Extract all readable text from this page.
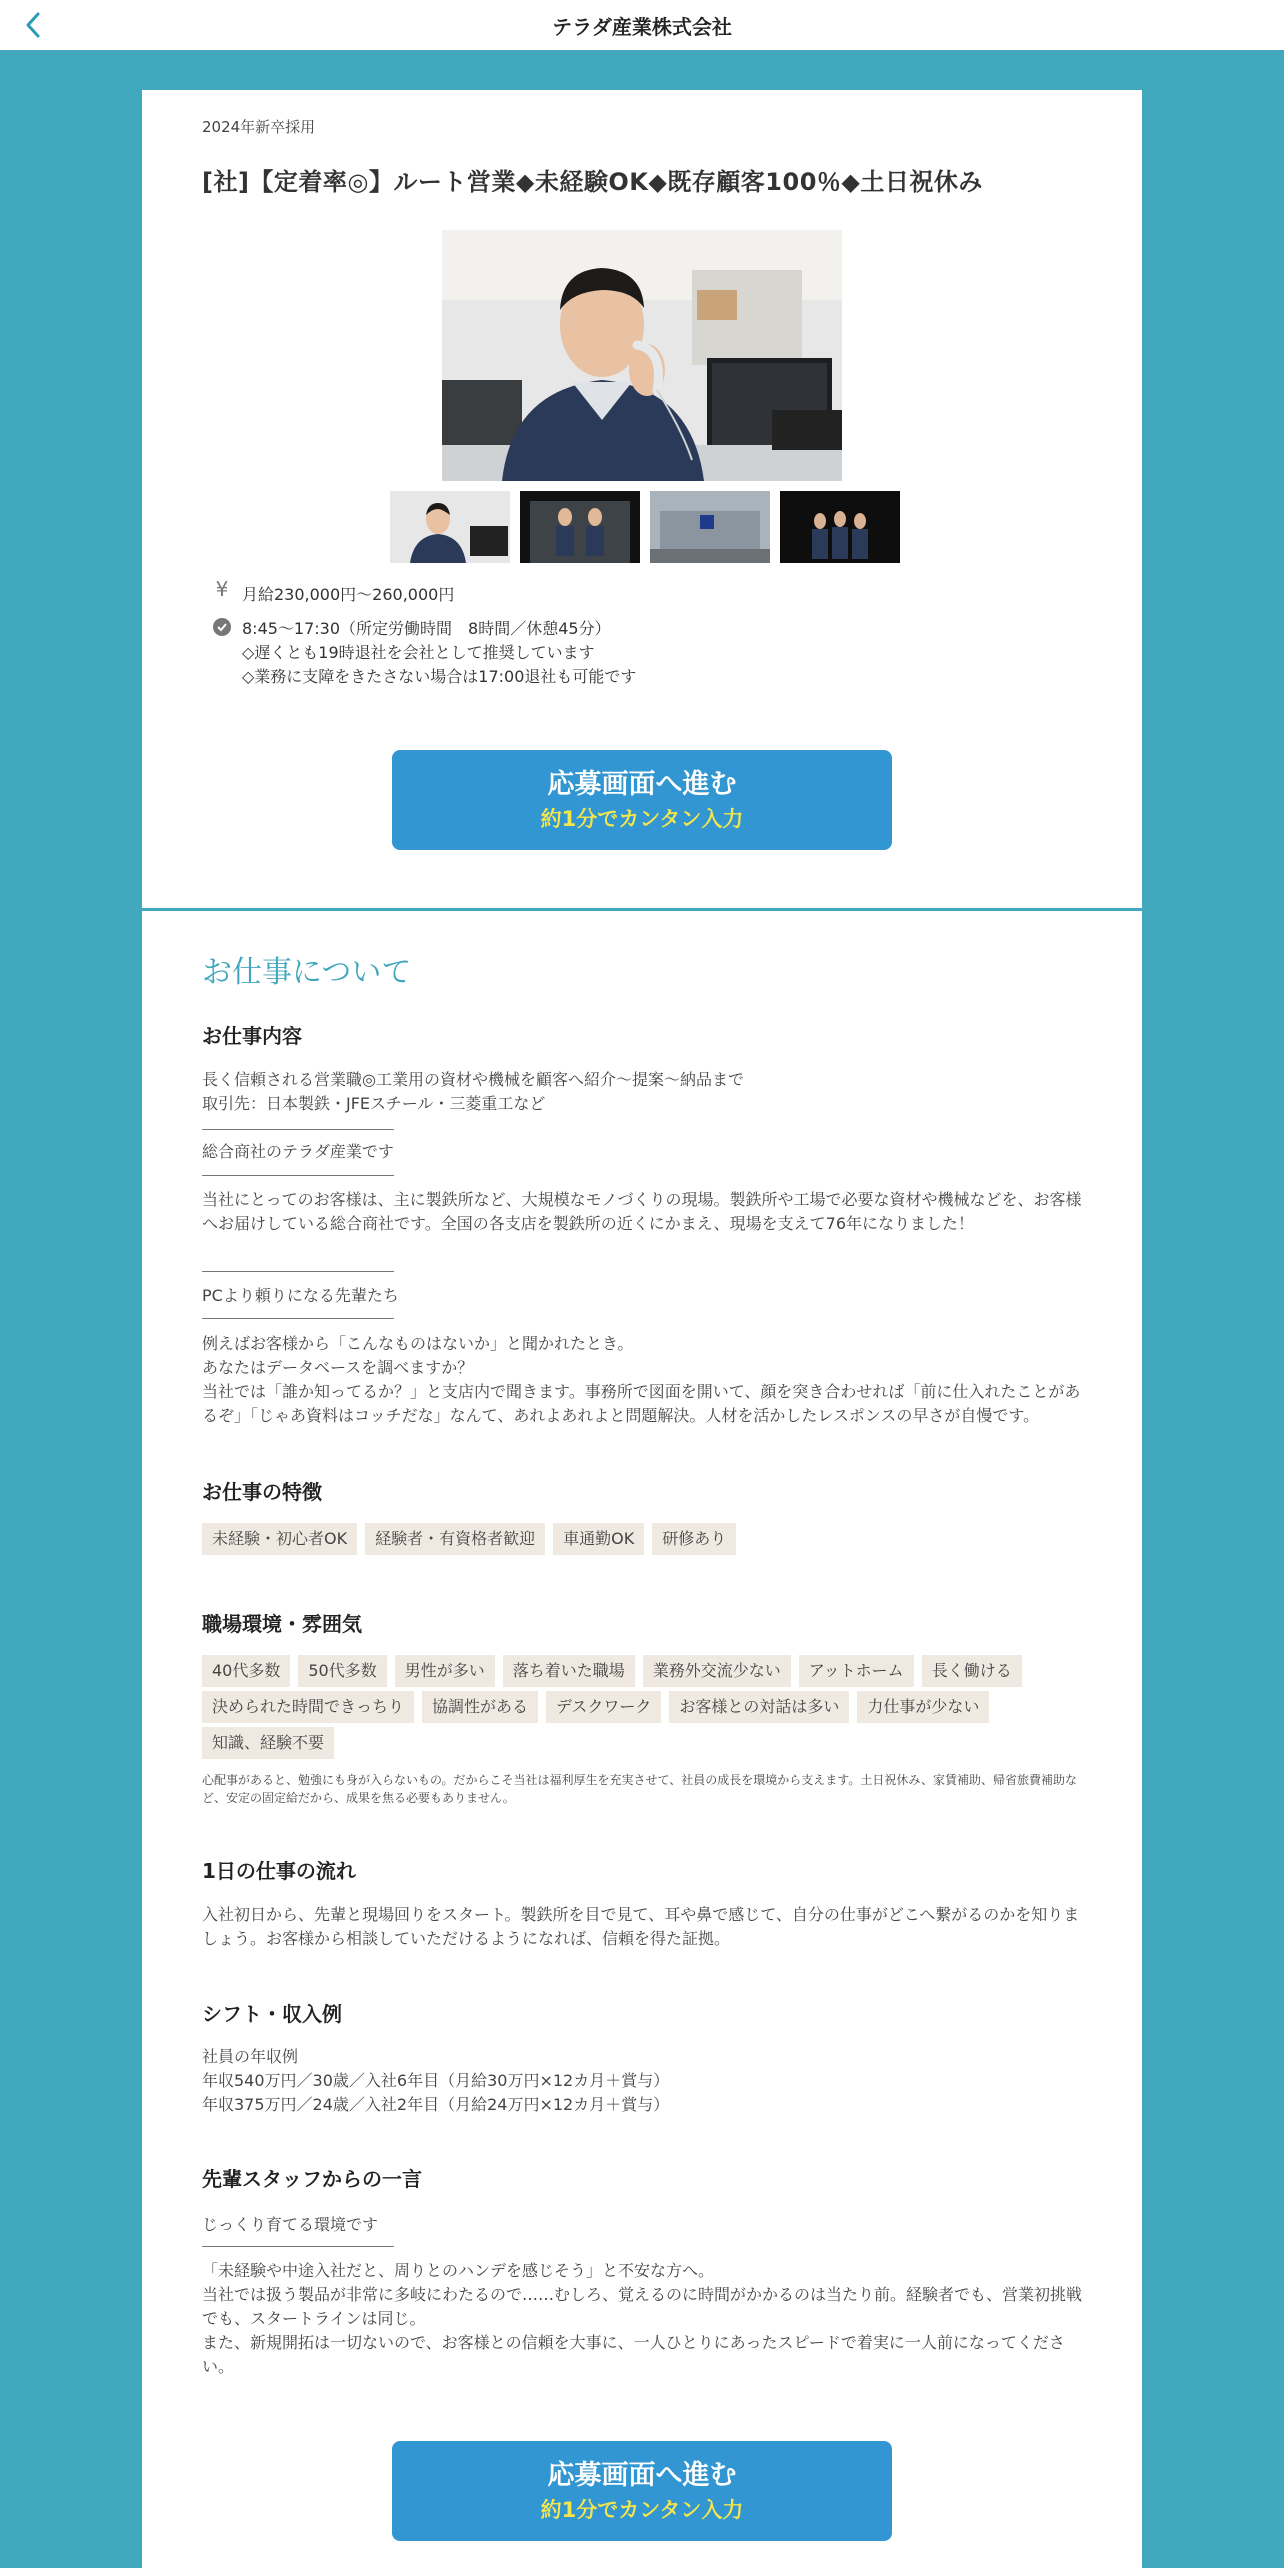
テラダ産業株式会社
2024年新卒採用
[社]【定着率◎】ルート営業◆未経験OK◆既存顧客100％◆土日祝休み
¥ 月給230,000円〜260,000円
8:45～17:30（所定労働時間　8時間／休憩45分）
◇遅くとも19時退社を会社として推奨しています
◇業務に支障をきたさない場合は17:00退社も可能です
応募画面へ進む
約1分でカンタン入力
お仕事について
お仕事内容
長く信頼される営業職◎工業用の資材や機械を顧客へ紹介～提案～納品まで
取引先：日本製鉄・JFEスチール・三菱重工など
総合商社のテラダ産業です
当社にとってのお客様は、主に製鉄所など、大規模なモノづくりの現場。製鉄所や工場で必要な資材や機械などを、お客様
へお届けしている総合商社です。全国の各支店を製鉄所の近くにかまえ、現場を支えて76年になりました！
PCより頼りになる先輩たち
例えばお客様から「こんなものはないか」と聞かれたとき。
あなたはデータベースを調べますか？
当社では「誰か知ってるか？」と支店内で聞きます。事務所で図面を開いて、顔を突き合わせれば「前に仕入れたことがあ
るぞ」「じゃあ資料はコッチだな」なんて、あれよあれよと問題解決。人材を活かしたレスポンスの早さが自慢です。
お仕事の特徴
未経験・初心者OK	経験者・有資格者歓迎	車通勤OK	研修あり
職場環境・雰囲気
40代多数	50代多数	男性が多い	落ち着いた職場	業務外交流少ない	アットホーム	長く働ける
決められた時間できっちり	協調性がある	デスクワーク	お客様との対話は多い	力仕事が少ない
知識、経験不要
心配事があると、勉強にも身が入らないもの。だからこそ当社は福利厚生を充実させて、社員の成長を環境から支えます。土日祝休み、家賃補助、帰省旅費補助な
ど、安定の固定給だから、成果を焦る必要もありません。
1日の仕事の流れ
入社初日から、先輩と現場回りをスタート。製鉄所を目で見て、耳や鼻で感じて、自分の仕事がどこへ繋がるのかを知りま
しょう。お客様から相談していただけるようになれば、信頼を得た証拠。
シフト・収入例
社員の年収例
年収540万円／30歳／入社6年目（月給30万円×12カ月＋賞与）
年収375万円／24歳／入社2年目（月給24万円×12カ月＋賞与）
先輩スタッフからの一言
じっくり育てる環境です
「未経験や中途入社だと、周りとのハンデを感じそう」と不安な方へ。
当社では扱う製品が非常に多岐にわたるので……むしろ、覚えるのに時間がかかるのは当たり前。経験者でも、営業初挑戦
でも、スタートラインは同じ。
また、新規開拓は一切ないので、お客様との信頼を大事に、一人ひとりにあったスピードで着実に一人前になってくださ
い。
応募画面へ進む
約1分でカンタン入力
